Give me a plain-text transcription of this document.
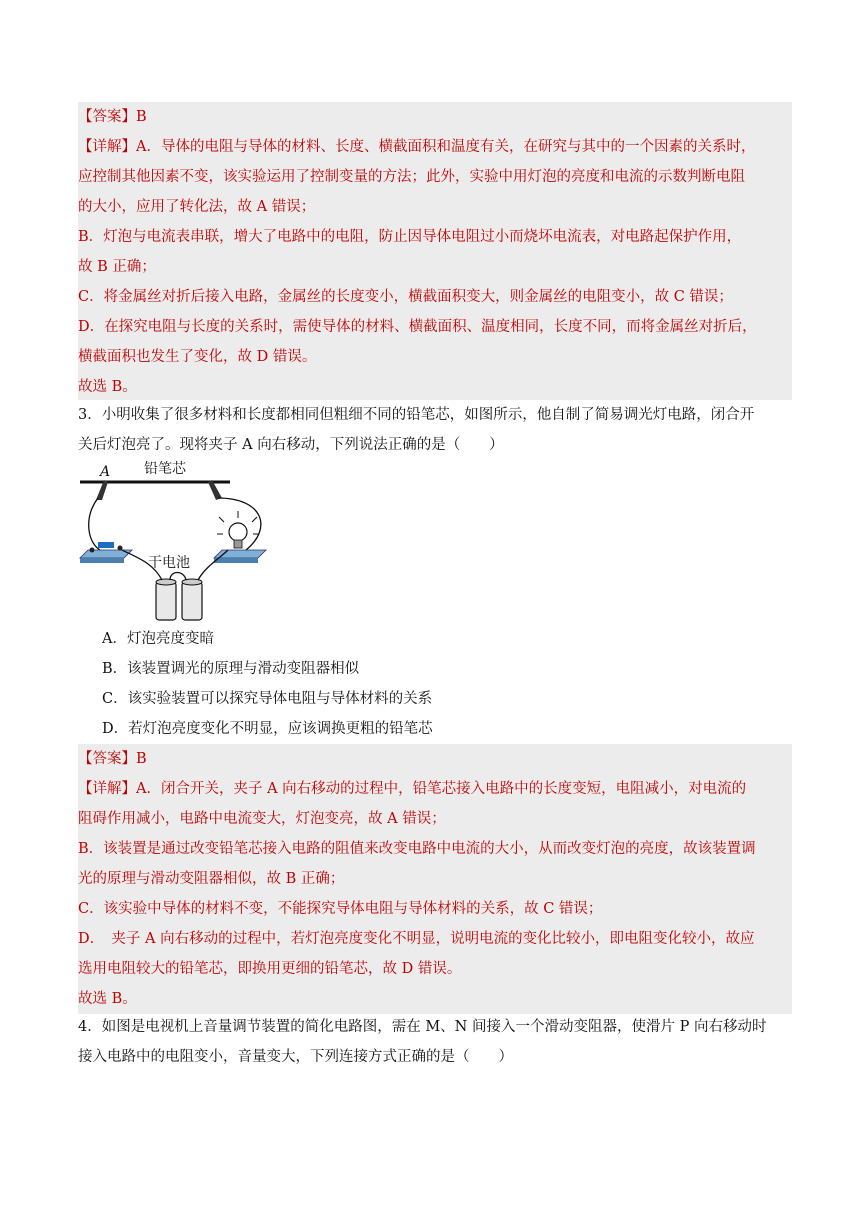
【答案】B
【详解】A．导体的电阻与导体的材料、长度、横截面积和温度有关，在研究与其中的一个因素的关系时，
应控制其他因素不变，该实验运用了控制变量的方法；此外，实验中用灯泡的亮度和电流的示数判断电阻
的大小，应用了转化法，故 A 错误；
B．灯泡与电流表串联，增大了电路中的电阻，防止因导体电阻过小而烧坏电流表，对电路起保护作用，
故 B 正确；
C．将金属丝对折后接入电路，金属丝的长度变小，横截面积变大，则金属丝的电阻变小，故 C 错误；
D．在探究电阻与长度的关系时，需使导体的材料、横截面积、温度相同，长度不同，而将金属丝对折后，
横截面积也发生了变化，故 D 错误。
故选 B。
3．小明收集了很多材料和长度都相同但粗细不同的铅笔芯，如图所示，他自制了简易调光灯电路，闭合开
关后灯泡亮了。现将夹子 A 向右移动，下列说法正确的是（　　）
铅笔芯
A
干电池
A．灯泡亮度变暗
B．该装置调光的原理与滑动变阻器相似
C．该实验装置可以探究导体电阻与导体材料的关系
D．若灯泡亮度变化不明显，应该调换更粗的铅笔芯
【答案】B
【详解】A．闭合开关，夹子 A 向右移动的过程中，铅笔芯接入电路中的长度变短，电阻减小，对电流的
阻碍作用减小，电路中电流变大，灯泡变亮，故 A 错误；
B．该装置是通过改变铅笔芯接入电路的阻值来改变电路中电流的大小，从而改变灯泡的亮度，故该装置调
光的原理与滑动变阻器相似，故 B 正确；
C．该实验中导体的材料不变，不能探究导体电阻与导体材料的关系，故 C 错误；
D．　夹子 A 向右移动的过程中，若灯泡亮度变化不明显，说明电流的变化比较小，即电阻变化较小，故应
选用电阻较大的铅笔芯，即换用更细的铅笔芯，故 D 错误。
故选 B。
4．如图是电视机上音量调节装置的简化电路图，需在 M、N 间接入一个滑动变阻器，使滑片 P 向右移动时
接入电路中的电阻变小，音量变大，下列连接方式正确的是（　　）
